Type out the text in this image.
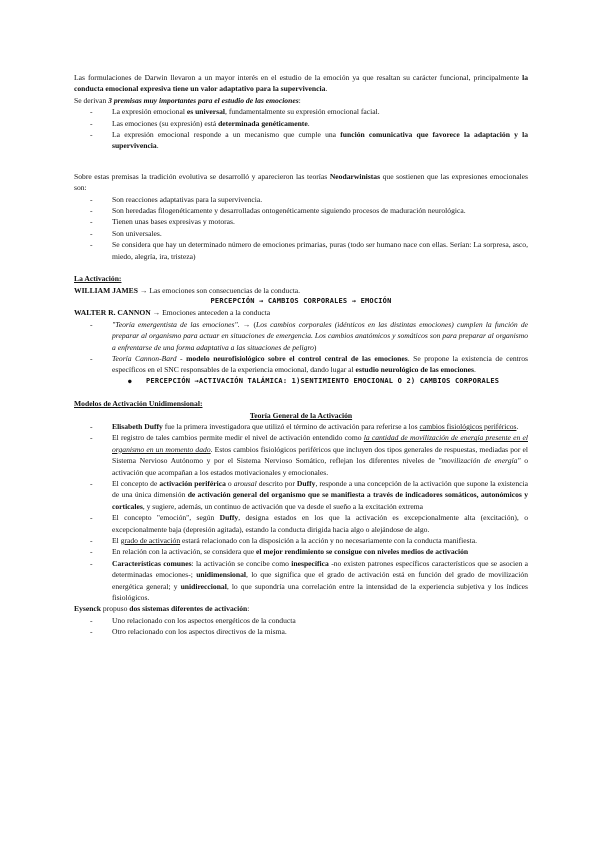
Las formulaciones de Darwin llevaron a un mayor interés en el estudio de la emoción ya que resaltan su carácter funcional, principalmente la conducta emocional expresiva tiene un valor adaptativo para la supervivencia.

Se derivan 3 premisas muy importantes para el estudio de las emociones:

- La expresión emocional es universal, fundamentalmente su expresión emocional facial.
- Las emociones (su expresión) está determinada genéticamente.
- La expresión emocional responde a un mecanismo que cumple una función comunicativa que favorece la adaptación y la supervivencia.

Sobre estas premisas la tradición evolutiva se desarrolló y aparecieron las teorías Neodarwinistas que sostienen que las expresiones emocionales son:

- Son reacciones adaptativas para la supervivencia.
- Son heredadas filogenéticamente y desarrolladas ontogenéticamente siguiendo procesos de maduración neurológica.
- Tienen unas bases expresivas y motoras.
- Son universales.
- Se considera que hay un determinado número de emociones primarias, puras (todo ser humano nace con ellas. Serían: La sorpresa, asco, miedo, alegría, ira, tristeza)

La Activación:

WILLIAM JAMES → Las emociones son consecuencias de la conducta.

PERCEPCIÓN → CAMBIOS CORPORALES → EMOCIÓN

WALTER R. CANNON → Emociones anteceden a la conducta

- "Teoría emergentista de las emociones". → (Los cambios corporales (idénticos en las distintas emociones) cumplen la función de preparar al organismo para actuar en situaciones de emergencia. Los cambios anatómicos y somáticos son para preparar al organismo a enfrentarse de una forma adaptativa a las situaciones de peligro)
- Teoría Cannon-Bard - modelo neurofisiológico sobre el control central de las emociones. Se propone la existencia de centros específicos en el SNC responsables de la experiencia emocional, dando lugar al estudio neurológico de las emociones.
● PERCEPCIÓN →ACTIVACIÓN TALÁMICA: 1)SENTIMIENTO EMOCIONAL O 2) CAMBIOS CORPORALES

Modelos de Activación Unidimensional:

Teoría General de la Activación

- Elisabeth Duffy fue la primera investigadora que utilizó el término de activación para referirse a los cambios fisiológicos periféricos.
- El registro de tales cambios permite medir el nivel de activación entendido como la cantidad de movilización de energía presente en el organismo en un momento dado. Estos cambios fisiológicos periféricos que incluyen dos tipos generales de respuestas, mediadas por el Sistema Nervioso Autónomo y por el Sistema Nervioso Somático, reflejan los diferentes niveles de "movilización de energía" o activación que acompañan a los estados motivacionales y emocionales.
- El concepto de activación periférica o arousal descrito por Duffy, responde a una concepción de la activación que supone la existencia de una única dimensión de activación general del organismo que se manifiesta a través de indicadores somáticos, autonómicos y corticales, y sugiere, además, un continuo de activación que va desde el sueño a la excitación extrema
- El concepto "emoción", según Duffy, designa estados en los que la activación es excepcionalmente alta (excitación), o excepcionalmente baja (depresión agitada), estando la conducta dirigida hacia algo o alejándose de algo.
- El grado de activación estará relacionado con la disposición a la acción y no necesariamente con la conducta manifiesta.
- En relación con la activación, se considera que el mejor rendimiento se consigue con niveles medios de activación
- Características comunes: la activación se concibe como inespecífica -no existen patrones específicos característicos que se asocien a determinadas emociones-; unidimensional, lo que significa que el grado de activación está en función del grado de movilización energética general; y unidireccional, lo que supondría una correlación entre la intensidad de la experiencia subjetiva y los índices fisiológicos.

Eysenck propuso dos sistemas diferentes de activación:

- Uno relacionado con los aspectos energéticos de la conducta
- Otro relacionado con los aspectos directivos de la misma.
